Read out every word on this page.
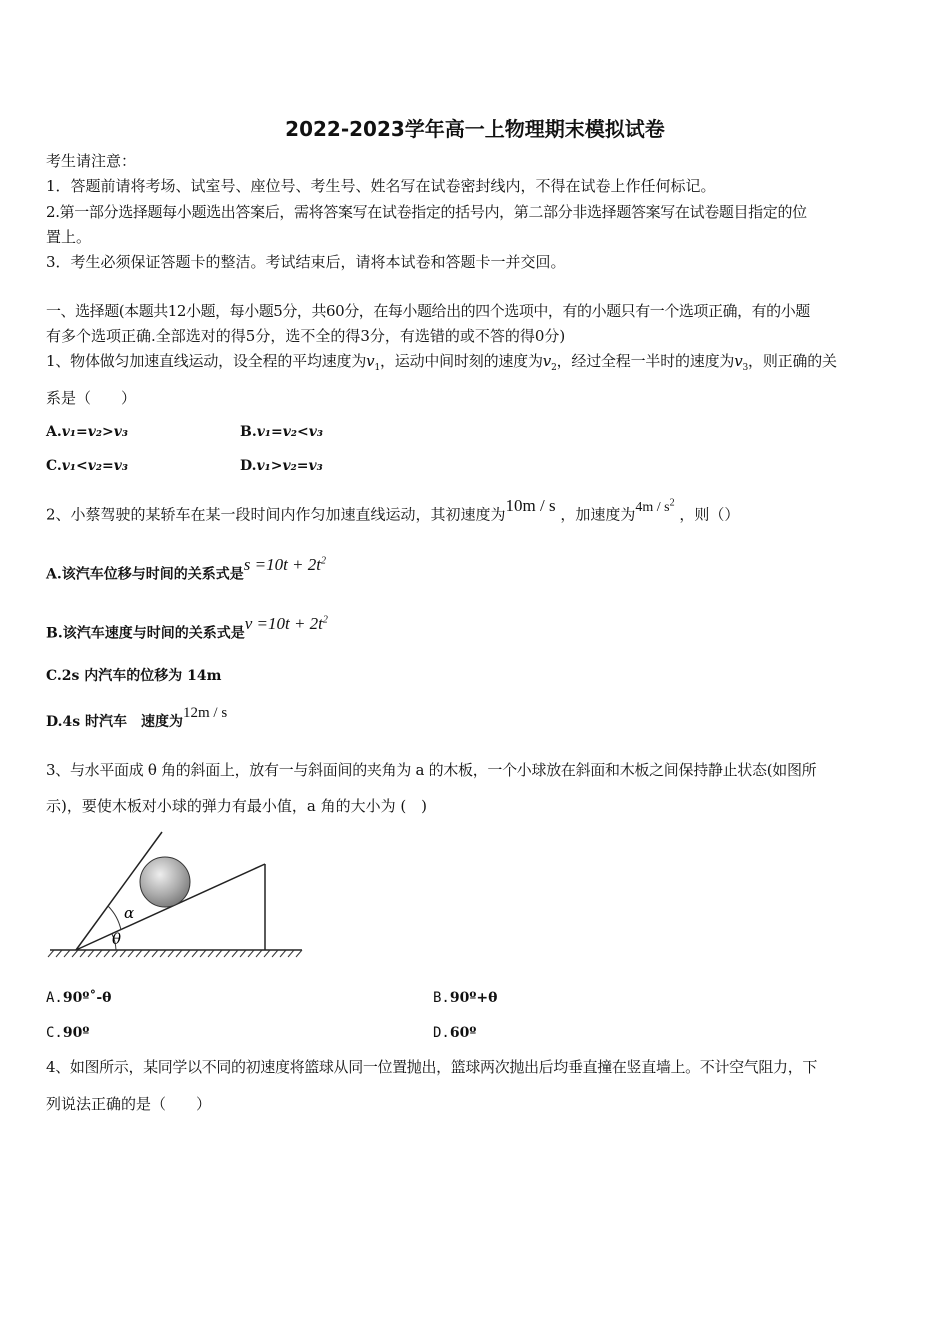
2022-2023学年高一上物理期末模拟试卷
考生请注意：
1．答题前请将考场、试室号、座位号、考生号、姓名写在试卷密封线内，不得在试卷上作任何标记。
2.第一部分选择题每小题选出答案后，需将答案写在试卷指定的括号内，第二部分非选择题答案写在试卷题目指定的位
置上。
3．考生必须保证答题卡的整洁。考试结束后，请将本试卷和答题卡一并交回。
一、选择题(本题共12小题，每小题5分，共60分，在每小题给出的四个选项中，有的小题只有一个选项正确，有的小题
有多个选项正确.全部选对的得5分，选不全的得3分，有选错的或不答的得0分)
1、物体做匀加速直线运动，设全程的平均速度为$v_1$，运动中间时刻的速度为$v_2$，经过全程一半时的速度为$v_3$，则正确的关
系是（　　）
A.v₁=v₂>v₃	B.v₁=v₂<v₃
C.v₁<v₂=v₃	D.v₁>v₂=v₃
2、小蔡驾驶的某轿车在某一段时间内作匀加速直线运动，其初速度为10m / s ，加速度为$4m / s^2$ ，则（）
A.该汽车位移与时间的关系式是$s =10t + 2t^2$
B.该汽车速度与时间的关系式是$v =10t + 2t^2$
C.2s 内汽车的位移为 14m
D.4s 时汽车　速度为12m / s
3、与水平面成 θ 角的斜面上，放有一与斜面间的夹角为 a 的木板，一个小球放在斜面和木板之间保持静止状态(如图所
示)，要使木板对小球的弹力有最小值，a 角的大小为 (　)
α
θ
A.90º˚-θ	B.90º+θ
C.90º	D.60º
4、如图所示，某同学以不同的初速度将篮球从同一位置抛出，篮球两次抛出后均垂直撞在竖直墙上。不计空气阻力，下
列说法正确的是（　　）
